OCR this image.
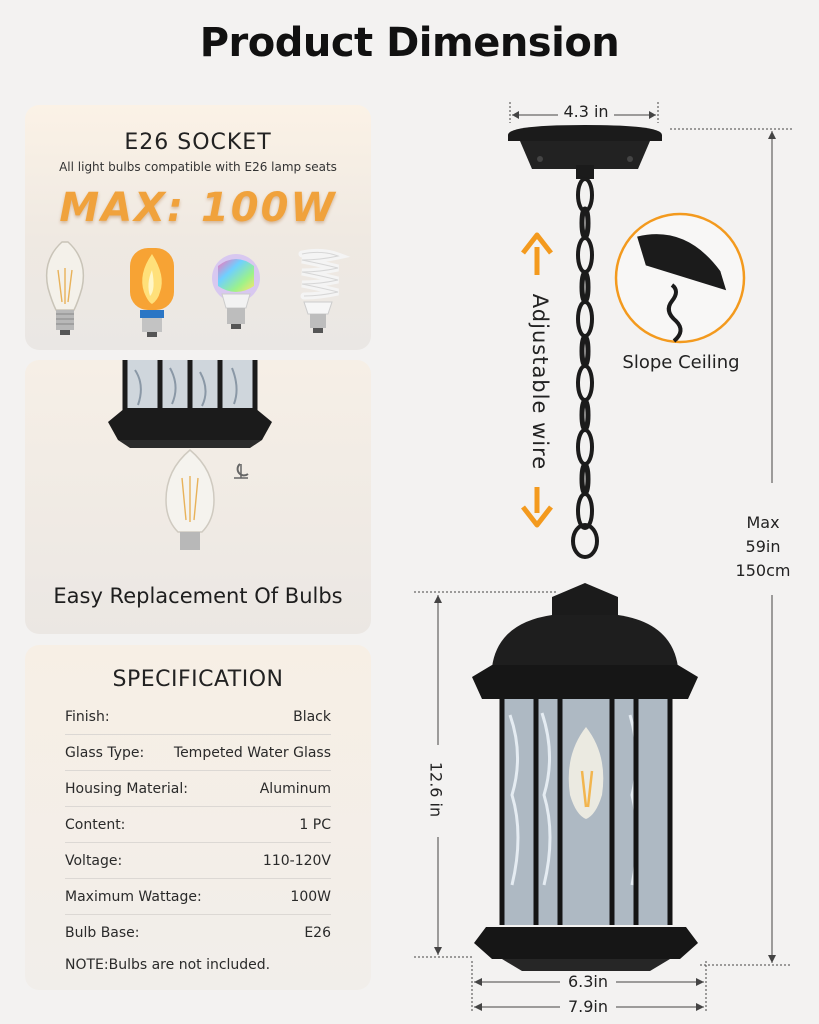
Product Dimension
E26 SOCKET
All light bulbs compatible with E26 lamp seats
MAX: 100W
Easy Replacement Of Bulbs
SPECIFICATION
Finish:	Black
Glass Type: Tempeted Water Glass
Housing Material:	Aluminum
Content:	1 PC
Voltage:	110-120V
Maximum Wattage:	100W
Bulb Base:	E26
NOTE:Bulbs are not included.
4.3 in
Adjustable wire	Slope Ceiling
Max
59in
150cm
12.6 in
6.3in
7.9in
